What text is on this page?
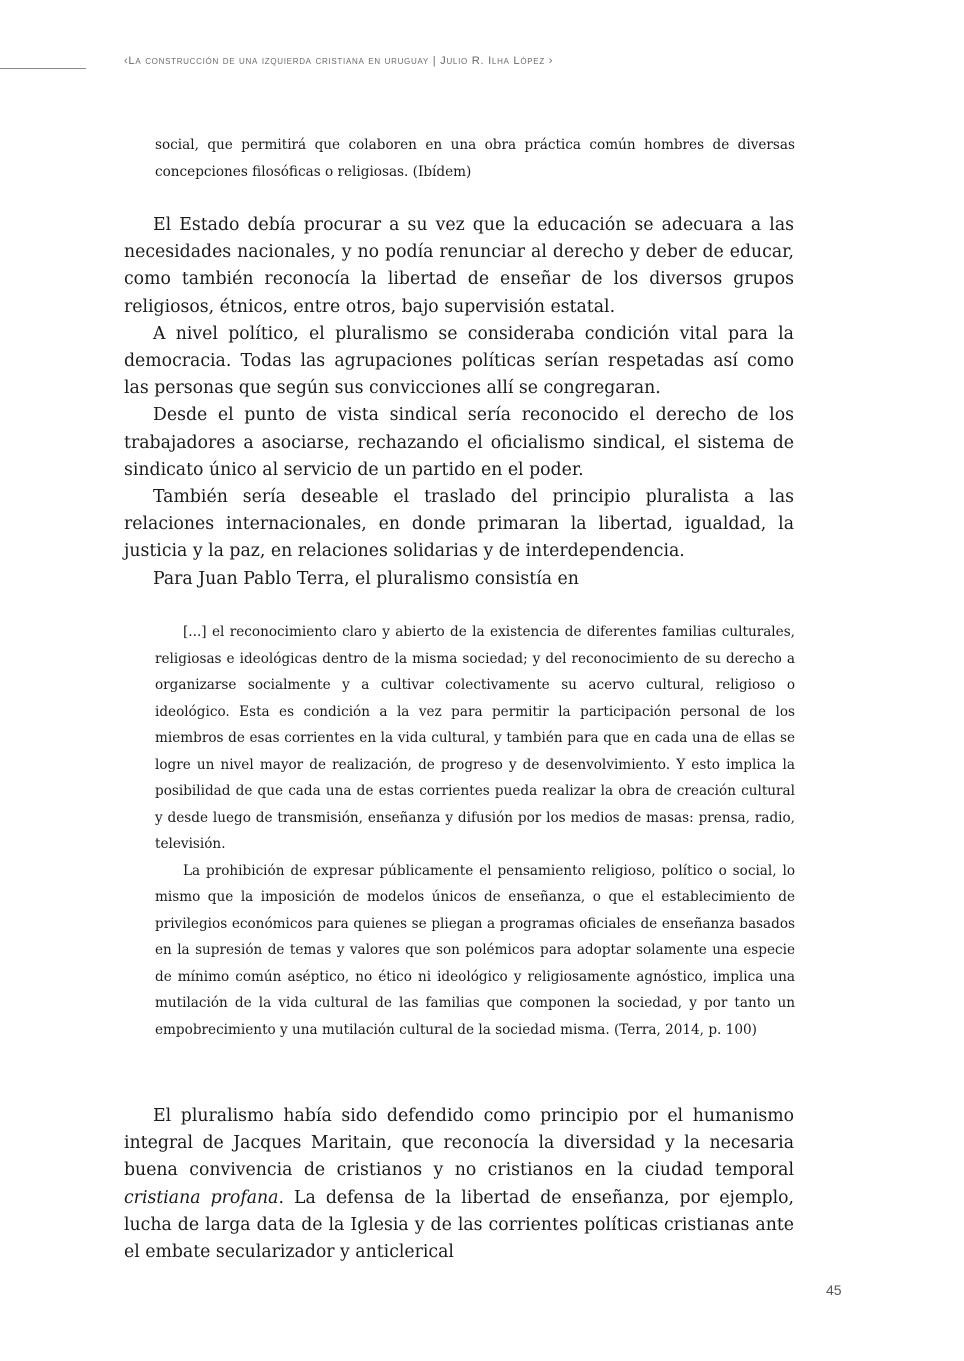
‹La construcción de una izquierda cristiana en uruguay | Julio R. Ilha López ›

social, que permitirá que colaboren en una obra práctica común hombres de diversas concepciones filosóficas o religiosas. (Ibídem)

El Estado debía procurar a su vez que la educación se adecuara a las necesidades nacionales, y no podía renunciar al derecho y deber de educar, como también reconocía la libertad de enseñar de los diversos grupos religiosos, étnicos, entre otros, bajo supervisión estatal.

A nivel político, el pluralismo se consideraba condición vital para la democracia. Todas las agrupaciones políticas serían respetadas así como las personas que según sus convicciones allí se congregaran.

Desde el punto de vista sindical sería reconocido el derecho de los trabajadores a asociarse, rechazando el oficialismo sindical, el sistema de sindicato único al servicio de un partido en el poder.

También sería deseable el traslado del principio pluralista a las relaciones internacionales, en donde primaran la libertad, igualdad, la justicia y la paz, en relaciones solidarias y de interdependencia.

Para Juan Pablo Terra, el pluralismo consistía en

[...] el reconocimiento claro y abierto de la existencia de diferentes familias culturales, religiosas e ideológicas dentro de la misma sociedad; y del reconocimiento de su derecho a organizarse socialmente y a cultivar colectivamente su acervo cultural, religioso o ideológico. Esta es condición a la vez para permitir la participación personal de los miembros de esas corrientes en la vida cultural, y también para que en cada una de ellas se logre un nivel mayor de realización, de progreso y de desenvolvimiento. Y esto implica la posibilidad de que cada una de estas corrientes pueda realizar la obra de creación cultural y desde luego de transmisión, enseñanza y difusión por los medios de masas: prensa, radio, televisión.

La prohibición de expresar públicamente el pensamiento religioso, político o social, lo mismo que la imposición de modelos únicos de enseñanza, o que el establecimiento de privilegios económicos para quienes se pliegan a programas oficiales de enseñanza basados en la supresión de temas y valores que son polémicos para adoptar solamente una especie de mínimo común aséptico, no ético ni ideológico y religiosamente agnóstico, implica una mutilación de la vida cultural de las familias que componen la sociedad, y por tanto un empobrecimiento y una mutilación cultural de la sociedad misma. (Terra, 2014, p. 100)

El pluralismo había sido defendido como principio por el humanismo integral de Jacques Maritain, que reconocía la diversidad y la necesaria buena convivencia de cristianos y no cristianos en la ciudad temporal cristiana profana. La defensa de la libertad de enseñanza, por ejemplo, lucha de larga data de la Iglesia y de las corrientes políticas cristianas ante el embate secularizador y anticlerical

45
